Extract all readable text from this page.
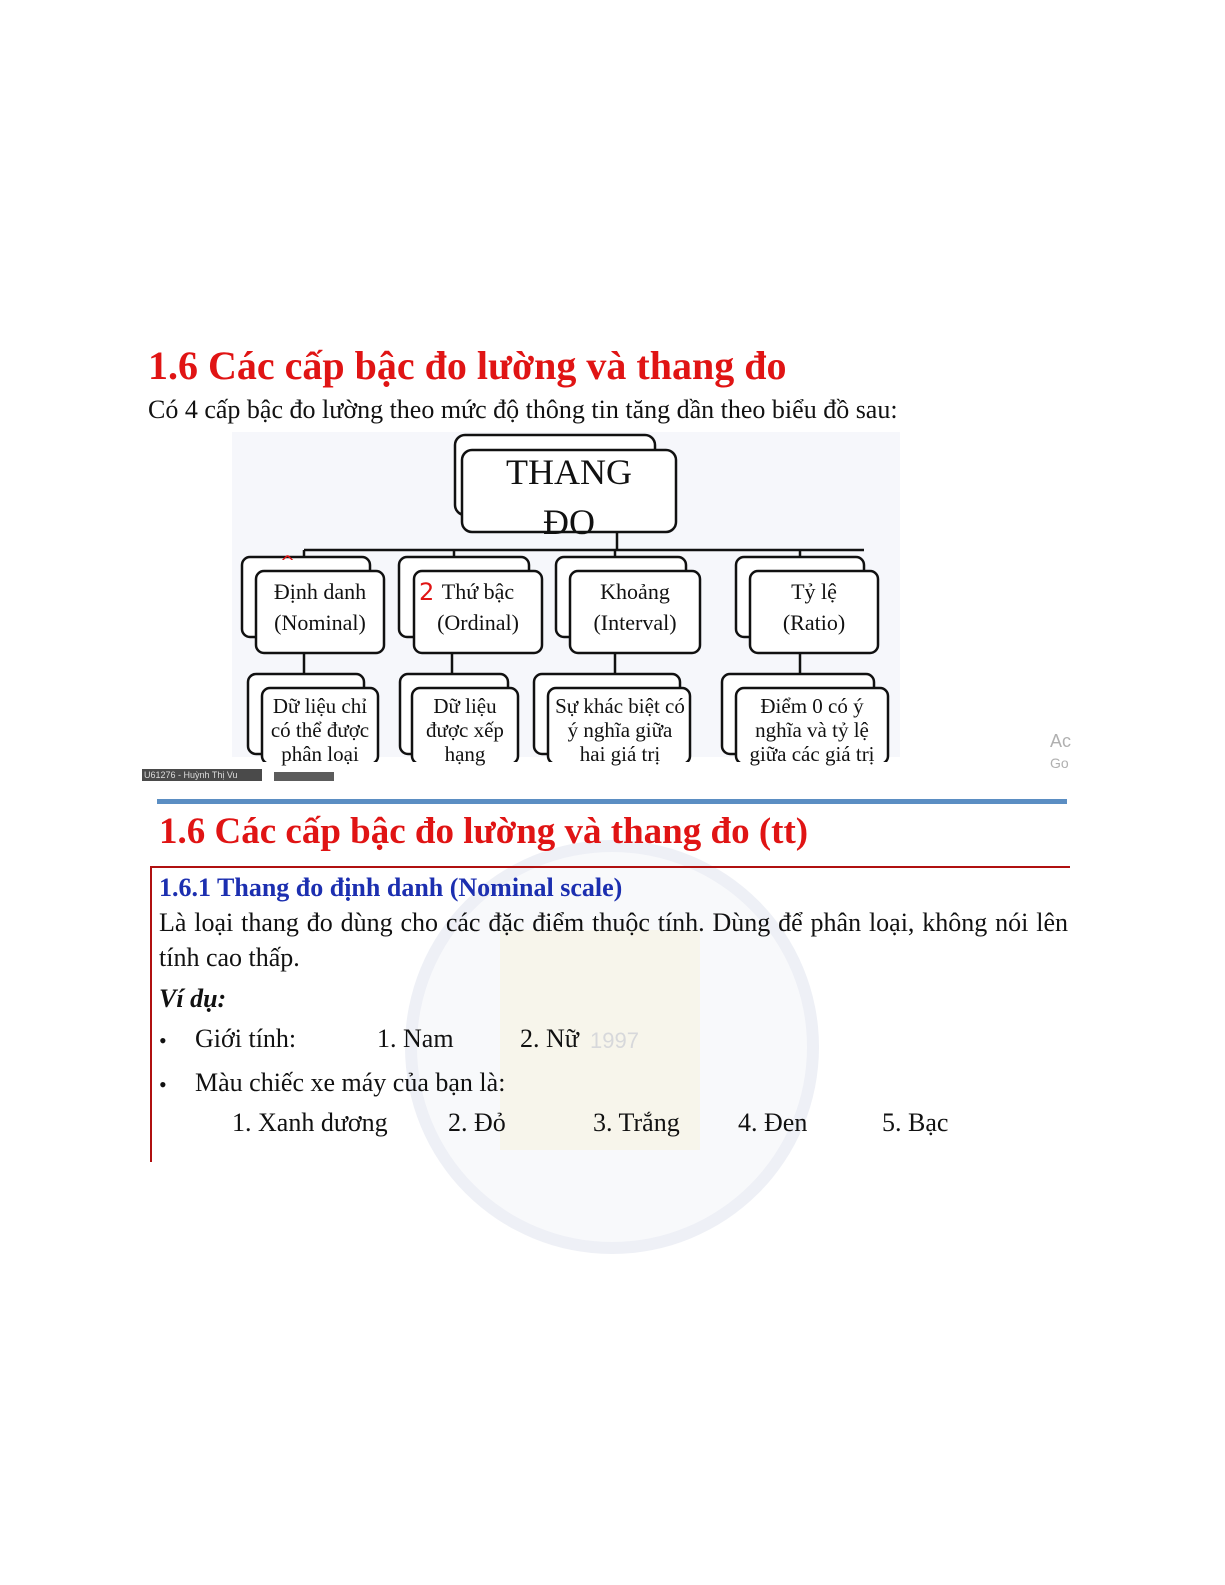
1.6 Các cấp bậc đo lường và thang đo
Có 4 cấp bậc đo lường theo mức độ thông tin tăng dần theo biểu đồ sau:
THANG
ĐO
Định danh
(Nominal)
Thứ bậc
(Ordinal)
Khoảng
(Interval)
Tỷ lệ
(Ratio)
Dữ liệu chỉ
có thể được
phân loại
Dữ liệu
được xếp
hạng
Sự khác biệt có
ý nghĩa giữa
hai giá trị
Điểm 0 có ý
nghĩa và tỷ lệ
giữa các giá trị
^
2
Ac
Go
U61276 - Huỳnh Thị Vu
1.6 Các cấp bậc đo lường và thang đo (tt)
1.6.1 Thang đo định danh (Nominal scale)
Là loại thang đo dùng cho các đặc điểm thuộc tính. Dùng để phân loại, không nói lên tính cao thấp.
Ví dụ:
• Giới tính:	1. Nam	2. Nữ
• Màu chiếc xe máy của bạn là:
1. Xanh dương 2. Đỏ	3. Trắng 4. Đen	5. Bạc
1997
